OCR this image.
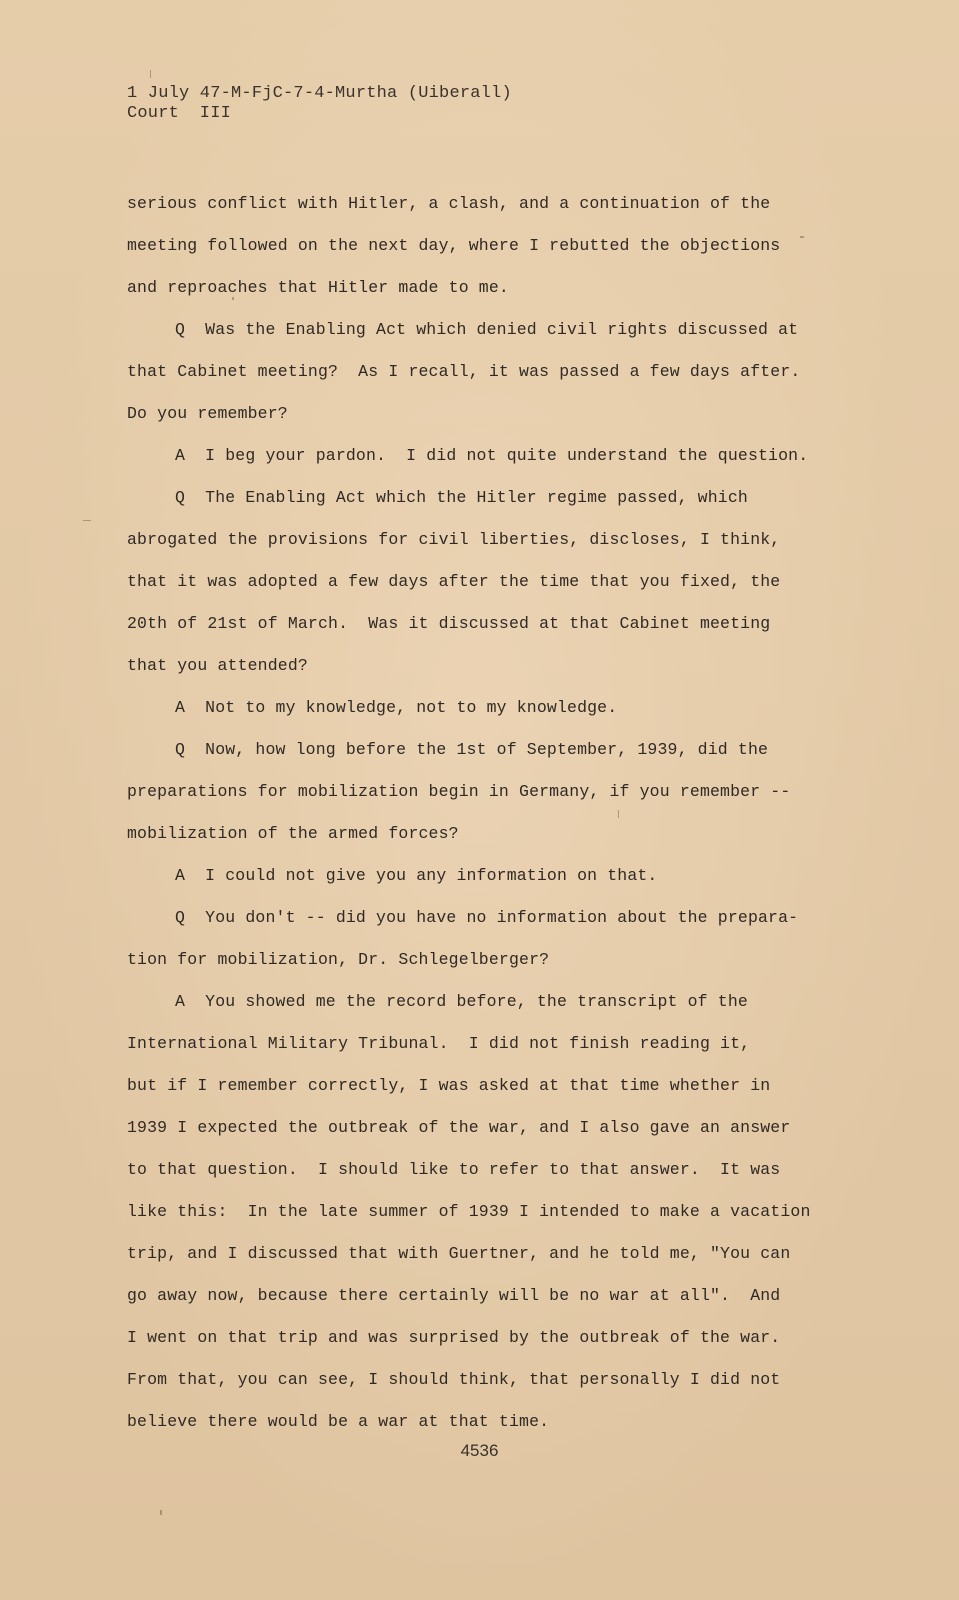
1 July 47-M-FjC-7-4-Murtha (Uiberall)
Court  III
serious conflict with Hitler, a clash, and a continuation of the
meeting followed on the next day, where I rebutted the objections
and reproaches that Hitler made to me.
Q  Was the Enabling Act which denied civil rights discussed at
that Cabinet meeting?  As I recall, it was passed a few days after.
Do you remember?
A  I beg your pardon.  I did not quite understand the question.
Q  The Enabling Act which the Hitler regime passed, which
abrogated the provisions for civil liberties, discloses, I think,
that it was adopted a few days after the time that you fixed, the
20th of 21st of March.  Was it discussed at that Cabinet meeting
that you attended?
A  Not to my knowledge, not to my knowledge.
Q  Now, how long before the 1st of September, 1939, did the
preparations for mobilization begin in Germany, if you remember --
mobilization of the armed forces?
A  I could not give you any information on that.
Q  You don't -- did you have no information about the prepara-
tion for mobilization, Dr. Schlegelberger?
A  You showed me the record before, the transcript of the
International Military Tribunal.  I did not finish reading it,
but if I remember correctly, I was asked at that time whether in
1939 I expected the outbreak of the war, and I also gave an answer
to that question.  I should like to refer to that answer.  It was
like this:  In the late summer of 1939 I intended to make a vacation
trip, and I discussed that with Guertner, and he told me, "You can
go away now, because there certainly will be no war at all".  And
I went on that trip and was surprised by the outbreak of the war.
From that, you can see, I should think, that personally I did not
believe there would be a war at that time.
4536
